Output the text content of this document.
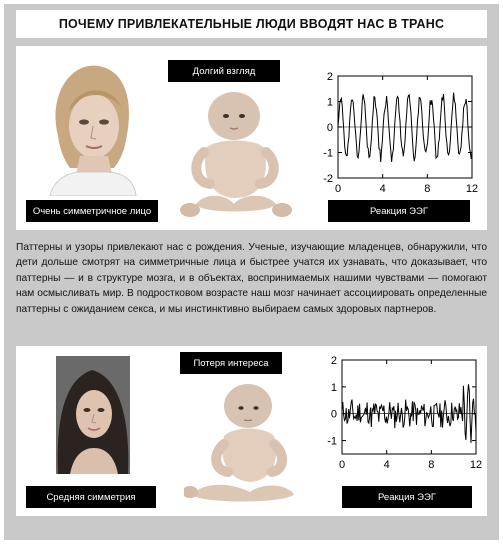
ПОЧЕМУ ПРИВЛЕКАТЕЛЬНЫЕ ЛЮДИ ВВОДЯТ НАС В ТРАНС
Очень симметричное лицо
Долгий взгляд	2
1
0
-1
-2
0	4	8	12
Реакция ЭЭГ
Паттерны и узоры привлекают нас с рождения. Ученые, изучающие младенцев, обнаружили, что дети дольше смотрят на симметричные лица и быстрее учатся их узнавать, что доказывает, что паттерны — и в структуре мозга, и в объектах, воспринимаемых нашими чувствами — помогают нам осмысливать мир. В подростковом возрасте наш мозг начинает ассоциировать определенные паттерны с ожиданием секса, и мы инстинктивно выбираем самых здоровых партнеров.
Средняя симметрия
Потеря интереса	2
1
0
-1
0	4	8	12
Реакция ЭЭГ
